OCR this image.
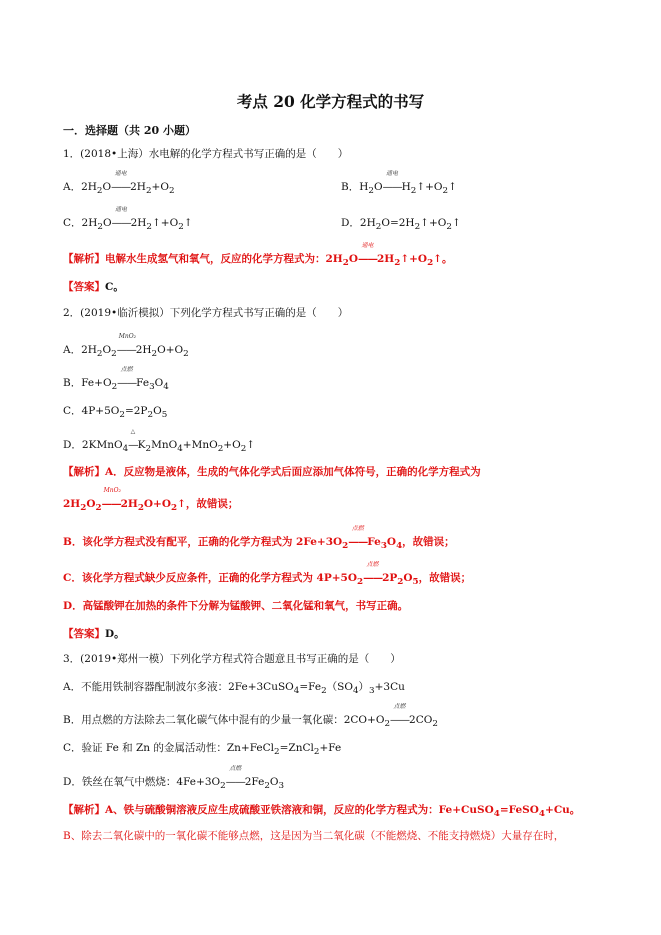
考点 20 化学方程式的书写
一．选择题（共 20 小题）
1．(2018•上海）水电解的化学方程式书写正确的是（　　）
A．$2H_2O$
通电
$——2H_2+O_2$	B．$H_2O$
通电
$——H_2↑+O_2↑$
C．$2H_2O$
通电
$——2H_2↑+O_2↑$	D．$2H_2O=2H_2↑+O_2↑$
【解析】电解水生成氢气和氧气，反应的化学方程式为：$2H_2O$
通电
$——2H_2↑+O_2↑$。
【答案】C。
2．(2019•临沂模拟）下列化学方程式书写正确的是（　　）
A．$2H_2O_2$
MnO₂
$——2H_2O+O_2$
B．$Fe+O_2$
点燃
$——Fe_3O_4$
C．$4P+5O_2=2P_2O_5$
D．2KMnO$_4$
△
$—K_2MnO_4+MnO_2+O_2↑$
【解析】A．反应物是液体，生成的气体化学式后面应添加气体符号，正确的化学方程式为
$2H_2O_2$
MnO₂
$——2H_2O+O_2↑$，故错误；
B．该化学方程式没有配平，正确的化学方程式为 $2Fe+3O_2$
点燃
$——Fe_3O_4$，故错误；
C．该化学方程式缺少反应条件，正确的化学方程式为 $4P+5O_2$
点燃
$——2P_2O_5$，故错误；
D．高锰酸钾在加热的条件下分解为锰酸钾、二氧化锰和氧气，书写正确。
【答案】D。
3．(2019•郑州一模）下列化学方程式符合题意且书写正确的是（　　）
A．不能用铁制容器配制波尔多液：$2Fe+3CuSO_4=Fe_2(SO_4)_3+3Cu$
B．用点燃的方法除去二氧化碳气体中混有的少量一氧化碳：$2CO+O_2$
点燃
$——2CO_2$
C．验证 Fe 和 Zn 的金属活动性：Zn+FeCl$_2$=ZnCl$_2$+Fe
D．铁丝在氧气中燃烧：$4Fe+3O_2$
点燃
$——2Fe_2O_3$
【解析】A、铁与硫酸铜溶液反应生成硫酸亚铁溶液和铜，反应的化学方程式为：Fe+CuSO$_4$=FeSO$_4$+Cu。
B、除去二氧化碳中的一氧化碳不能够点燃，这是因为当二氧化碳（不能燃烧、不能支持燃烧）大量存在时，
